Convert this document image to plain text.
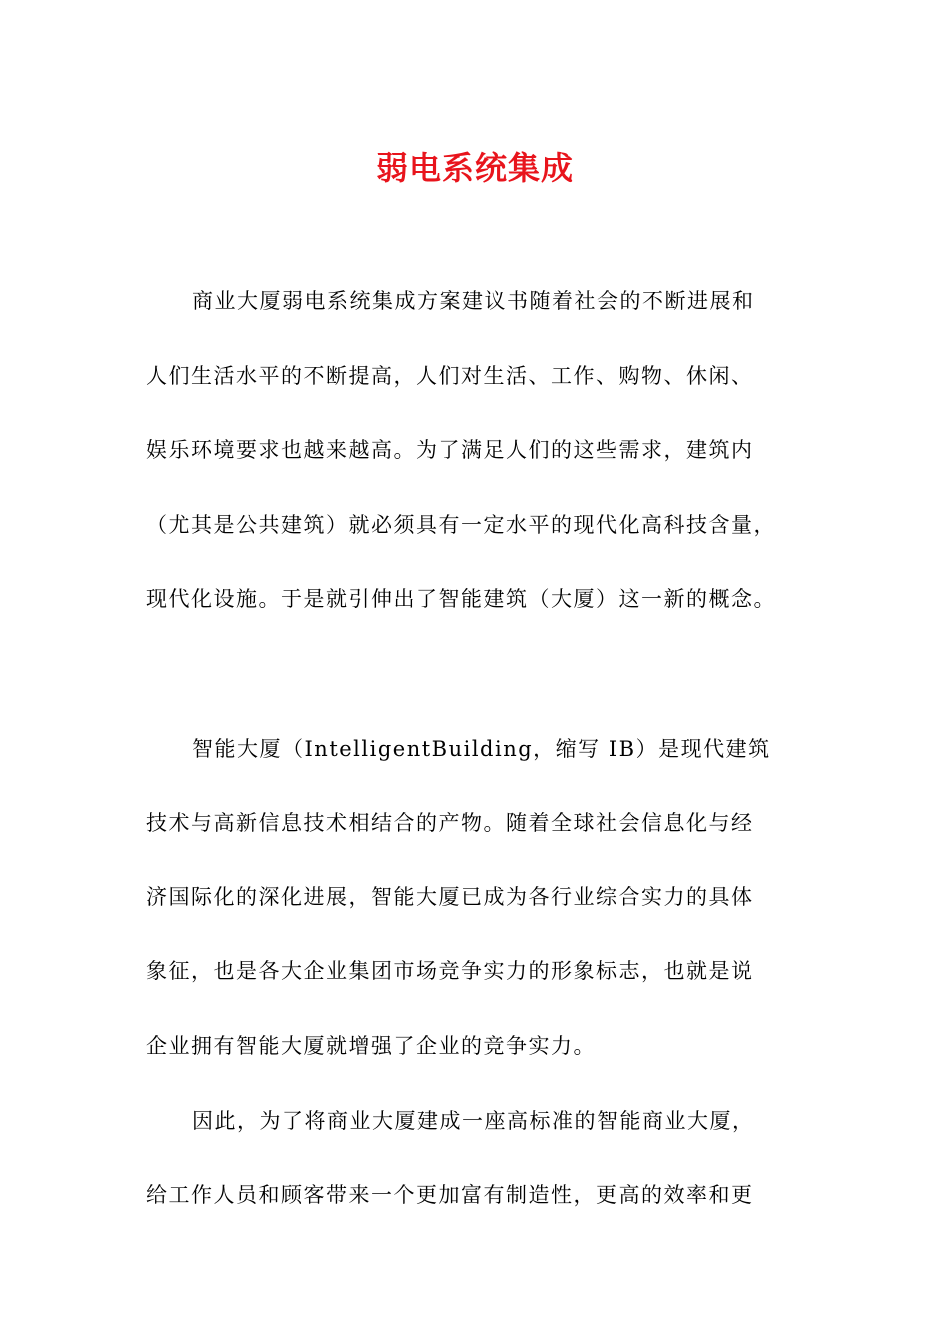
弱电系统集成
商业大厦弱电系统集成方案建议书随着社会的不断进展和
人们生活水平的不断提高，人们对生活、工作、购物、休闲、
娱乐环境要求也越来越高。为了满足人们的这些需求，建筑内
（尤其是公共建筑）就必须具有一定水平的现代化高科技含量，
现代化设施。于是就引伸出了智能建筑（大厦）这一新的概念。
智能大厦（IntelligentBuilding，缩写 IB）是现代建筑
技术与高新信息技术相结合的产物。随着全球社会信息化与经
济国际化的深化进展，智能大厦已成为各行业综合实力的具体
象征，也是各大企业集团市场竞争实力的形象标志，也就是说
企业拥有智能大厦就增强了企业的竞争实力。
因此，为了将商业大厦建成一座高标准的智能商业大厦，
给工作人员和顾客带来一个更加富有制造性，更高的效率和更
